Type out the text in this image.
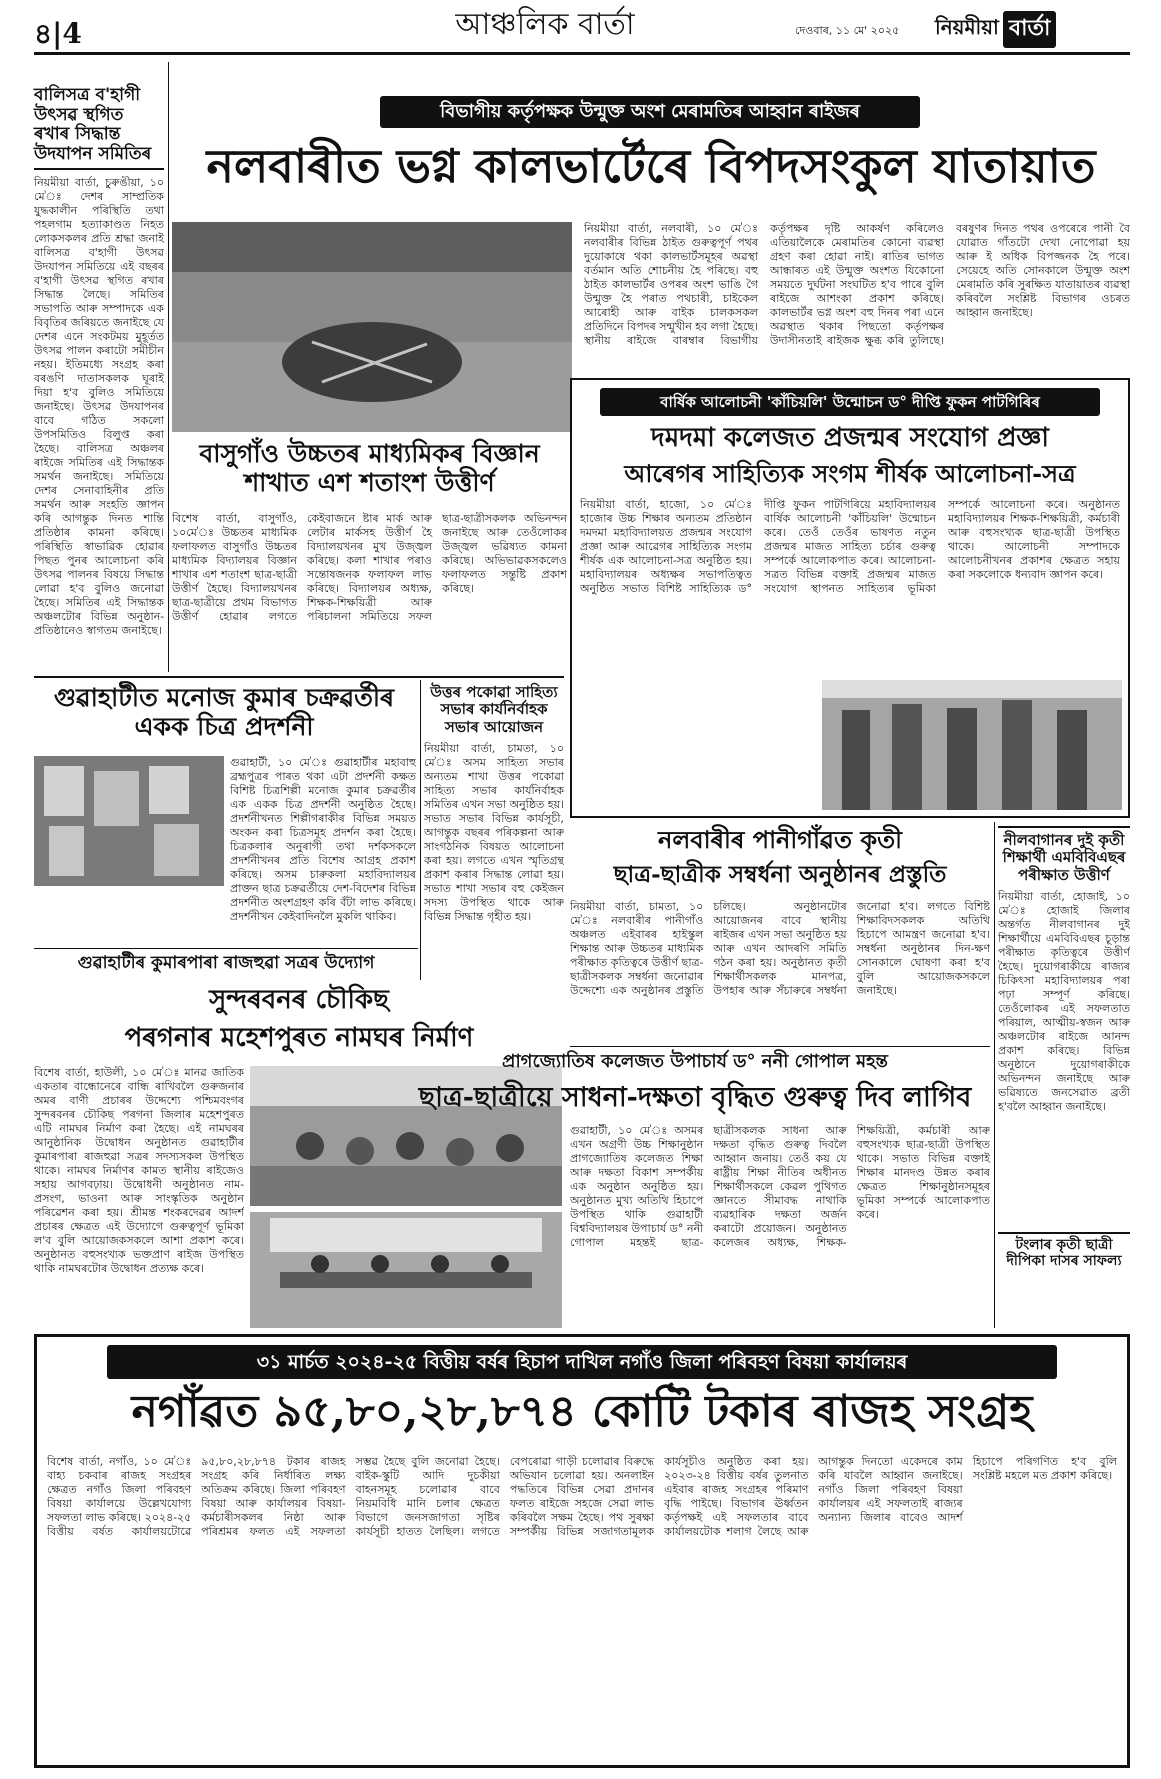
৪|4	আঞ্চলিক বাৰ্তা	দেওবাৰ, ১১ মে' ২০২৫	নিয়মীয়া বাৰ্তা
বালিসত্ৰ ব'হাগী উৎসৱ স্থগিত ৰখাৰ সিদ্ধান্ত উদযাপন সমিতিৰ
নিয়মীয়া বাৰ্তা, চুৰুঙীয়া, ১০ মে'ঃ দেশৰ সাম্প্ৰতিক যুদ্ধকালীন পৰিস্থিতি তথা পহলগাম হত্যাকাণ্ডত নিহত লোকসকলৰ প্ৰতি শ্ৰদ্ধা জনাই বালিসত্ৰ ব'হাগী উৎসৱ উদযাপন সমিতিয়ে এই বছৰৰ ব'হাগী উৎসৱ স্থগিত ৰখাৰ সিদ্ধান্ত লৈছে। সমিতিৰ সভাপতি আৰু সম্পাদকে এক বিবৃতিৰ জৰিয়তে জনাইছে যে দেশৰ এনে সংকটময় মুহূৰ্তত উৎসৱ পালন কৰাটো সমীচীন নহয়। ইতিমধ্যে সংগ্ৰহ কৰা বৰঙণি দাতাসকলক ঘূৰাই দিয়া হ'ব বুলিও সমিতিয়ে জনাইছে। উৎসৱ উদযাপনৰ বাবে গঠিত সকলো উপসমিতিও বিলুপ্ত কৰা হৈছে। বালিসত্ৰ অঞ্চলৰ ৰাইজে সমিতিৰ এই সিদ্ধান্তক সমৰ্থন জনাইছে। সমিতিয়ে দেশৰ সেনাবাহিনীৰ প্ৰতি সমৰ্থন আৰু সংহতি জ্ঞাপন কৰি আগন্তুক দিনত শান্তি প্ৰতিষ্ঠাৰ কামনা কৰিছে। পৰিস্থিতি স্বাভাৱিক হোৱাৰ পিছত পুনৰ আলোচনা কৰি উৎসৱ পালনৰ বিষয়ে সিদ্ধান্ত লোৱা হ'ব বুলিও জনোৱা হৈছে। সমিতিৰ এই সিদ্ধান্তক অঞ্চলটোৰ বিভিন্ন অনুষ্ঠান-প্ৰতিষ্ঠানেও স্বাগতম জনাইছে।
বিভাগীয় কৰ্তৃপক্ষক উন্মুক্ত অংশ মেৰামতিৰ আহ্বান ৰাইজৰ
নলবাৰীত ভগ্ন কালভাৰ্টেৰে বিপদসংকুল যাতায়াত
নিয়মীয়া বাৰ্তা, নলবাৰী, ১০ মে'ঃ নলবাৰীৰ বিভিন্ন ঠাইত গুৰুত্বপূৰ্ণ পথৰ দুয়োকাষে থকা কালভাৰ্টসমূহৰ অৱস্থা বৰ্তমান অতি শোচনীয় হৈ পৰিছে। বহু ঠাইত কালভাৰ্টৰ ওপৰৰ অংশ ভাঙি গৈ উন্মুক্ত হৈ পৰাত পথচাৰী, চাইকেল আৰোহী আৰু বাইক চালকসকল প্ৰতিদিনে বিপদৰ সন্মুখীন হব লগা হৈছে। স্থানীয় ৰাইজে বাৰম্বাৰ বিভাগীয় কৰ্তৃপক্ষৰ দৃষ্টি আকৰ্ষণ কৰিলেও এতিয়ালৈকে মেৰামতিৰ কোনো ব্যৱস্থা গ্ৰহণ কৰা হোৱা নাই। ৰাতিৰ ভাগত আন্ধাৰত এই উন্মুক্ত অংশত যিকোনো সময়তে দুৰ্ঘটনা সংঘটিত হ'ব পাৰে বুলি ৰাইজে আশংকা প্ৰকাশ কৰিছে। কালভাৰ্টৰ ভগ্ন অংশ বহু দিনৰ পৰা এনে অৱস্থাত থকাৰ পিছতো কৰ্তৃপক্ষৰ উদাসীনতাই ৰাইজক ক্ষুব্ধ কৰি তুলিছে। বৰষুণৰ দিনত পথৰ ওপৰেৰে পানী বৈ যোৱাত গাঁতটো দেখা নোপোৱা হয় আৰু ই অধিক বিপজ্জনক হৈ পৰে। সেয়েহে অতি সোনকালে উন্মুক্ত অংশ মেৰামতি কৰি সুৰক্ষিত যাতায়াতৰ ব্যৱস্থা কৰিবলৈ সংশ্লিষ্ট বিভাগৰ ওচৰত আহ্বান জনাইছে।
বাৰ্ষিক আলোচনী 'কাঁচিয়লি' উন্মোচন ড° দীপ্তি ফুকন পাটগিৰিৰ
দমদমা কলেজত প্ৰজন্মৰ সংযোগ প্ৰজ্ঞা
আৰেগৰ সাহিত্যিক সংগম শীৰ্ষক আলোচনা-সত্ৰ
নিয়মীয়া বাৰ্তা, হাজো, ১০ মে'ঃ হাজোৰ উচ্চ শিক্ষাৰ অন্যতম প্ৰতিষ্ঠান দমদমা মহাবিদ্যালয়ত প্ৰজন্মৰ সংযোগ প্ৰজ্ঞা আৰু আৱেগৰ সাহিত্যিক সংগম শীৰ্ষক এক আলোচনা-সত্ৰ অনুষ্ঠিত হয়। মহাবিদ্যালয়ৰ অধ্যক্ষৰ সভাপতিত্বত অনুষ্ঠিত সভাত বিশিষ্ট সাহিত্যিক ড° দীপ্তি ফুকন পাটগিৰিয়ে মহাবিদ্যালয়ৰ বাৰ্ষিক আলোচনী 'কাঁচিয়লি' উন্মোচন কৰে। তেওঁ তেওঁৰ ভাষণত নতুন প্ৰজন্মৰ মাজত সাহিত্য চৰ্চাৰ গুৰুত্ব সম্পৰ্কে আলোকপাত কৰে। আলোচনা-সত্ৰত বিভিন্ন বক্তাই প্ৰজন্মৰ মাজত সংযোগ স্থাপনত সাহিত্যৰ ভূমিকা সম্পৰ্কে আলোচনা কৰে। অনুষ্ঠানত মহাবিদ্যালয়ৰ শিক্ষক-শিক্ষয়িত্ৰী, কৰ্মচাৰী আৰু বহুসংখ্যক ছাত্ৰ-ছাত্ৰী উপস্থিত থাকে। আলোচনী সম্পাদকে আলোচনীখনৰ প্ৰকাশৰ ক্ষেত্ৰত সহায় কৰা সকলোকে ধন্যবাদ জ্ঞাপন কৰে।
বাসুগাঁও উচ্চতৰ মাধ্যমিকৰ বিজ্ঞান শাখাত এশ শতাংশ উত্তীৰ্ণ
বিশেষ বাৰ্তা, বাসুগাঁও, ১০মে'ঃ উচ্চতৰ মাধ্যমিক ফলাফলত বাসুগাঁও উচ্চতৰ মাধ্যমিক বিদ্যালয়ৰ বিজ্ঞান শাখাৰ এশ শতাংশ ছাত্ৰ-ছাত্ৰী উত্তীৰ্ণ হৈছে। বিদ্যালয়খনৰ ছাত্ৰ-ছাত্ৰীয়ে প্ৰথম বিভাগত উত্তীৰ্ণ হোৱাৰ লগতে কেইবাজনে ষ্টাৰ মাৰ্ক আৰু লেটাৰ মাৰ্কসহ উত্তীৰ্ণ হৈ বিদ্যালয়খনৰ মুখ উজ্জ্বল কৰিছে। কলা শাখাৰ পৰাও সন্তোষজনক ফলাফল লাভ কৰিছে। বিদ্যালয়ৰ অধ্যক্ষ, শিক্ষক-শিক্ষয়িত্ৰী আৰু পৰিচালনা সমিতিয়ে সফল ছাত্ৰ-ছাত্ৰীসকলক অভিনন্দন জনাইছে আৰু তেওঁলোকৰ উজ্জ্বল ভৱিষ্যত কামনা কৰিছে। অভিভাৱকসকলেও ফলাফলত সন্তুষ্টি প্ৰকাশ কৰিছে।
গুৱাহাটীত মনোজ কুমাৰ চক্ৰৱৰ্তীৰ একক চিত্ৰ প্ৰদৰ্শনী
গুৱাহাটী, ১০ মে'ঃ গুৱাহাটীৰ মহাবাহু ব্ৰহ্মপুত্ৰৰ পাৰত থকা এটা প্ৰদৰ্শনী কক্ষত বিশিষ্ট চিত্ৰশিল্পী মনোজ কুমাৰ চক্ৰৱৰ্তীৰ এক একক চিত্ৰ প্ৰদৰ্শনী অনুষ্ঠিত হৈছে। প্ৰদৰ্শনীখনত শিল্পীগৰাকীৰ বিভিন্ন সময়ত অংকন কৰা চিত্ৰসমূহ প্ৰদৰ্শন কৰা হৈছে। চিত্ৰকলাৰ অনুৰাগী তথা দৰ্শকসকলে প্ৰদৰ্শনীখনৰ প্ৰতি বিশেষ আগ্ৰহ প্ৰকাশ কৰিছে। অসম চাৰুকলা মহাবিদ্যালয়ৰ প্ৰাক্তন ছাত্ৰ চক্ৰৱৰ্তীয়ে দেশ-বিদেশৰ বিভিন্ন প্ৰদৰ্শনীত অংশগ্ৰহণ কৰি বঁটা লাভ কৰিছে। প্ৰদৰ্শনীখন কেইবাদিনলৈ মুকলি থাকিব।
গুৱাহাটীৰ কুমাৰপাৰা ৰাজহুৱা সত্ৰৰ উদ্যোগ
উত্তৰ পকোৱা সাহিত্য সভাৰ কাৰ্যনিৰ্বাহক সভাৰ আয়োজন
নিয়মীয়া বাৰ্তা, চামতা, ১০ মে'ঃ অসম সাহিত্য সভাৰ অন্যতম শাখা উত্তৰ পকোৱা সাহিত্য সভাৰ কাৰ্যনিৰ্বাহক সমিতিৰ এখন সভা অনুষ্ঠিত হয়। সভাত সভাৰ বিভিন্ন কাৰ্যসূচী, আগন্তুক বছৰৰ পৰিকল্পনা আৰু সাংগঠনিক বিষয়ত আলোচনা কৰা হয়। লগতে এখন স্মৃতিগ্ৰন্থ প্ৰকাশ কৰাৰ সিদ্ধান্ত লোৱা হয়। সভাত শাখা সভাৰ বহু কেইজন সদস্য উপস্থিত থাকে আৰু বিভিন্ন সিদ্ধান্ত গৃহীত হয়।
নলবাৰীৰ পানীগাঁৱত কৃতী
ছাত্ৰ-ছাত্ৰীক সম্বৰ্ধনা অনুষ্ঠানৰ প্ৰস্তুতি
নিয়মীয়া বাৰ্তা, চামতা, ১০ মে'ঃ নলবাৰীৰ পানীগাঁও অঞ্চলত এইবাৰৰ হাইস্কুল শিক্ষান্ত আৰু উচ্চতৰ মাধ্যমিক পৰীক্ষাত কৃতিত্বৰে উত্তীৰ্ণ ছাত্ৰ-ছাত্ৰীসকলক সম্বৰ্ধনা জনোৱাৰ উদ্দেশ্যে এক অনুষ্ঠানৰ প্ৰস্তুতি চলিছে। অনুষ্ঠানটোৰ আয়োজনৰ বাবে স্থানীয় ৰাইজৰ এখন সভা অনুষ্ঠিত হয় আৰু এখন আদৰণি সমিতি গঠন কৰা হয়। অনুষ্ঠানত কৃতী শিক্ষাৰ্থীসকলক মানপত্ৰ, উপহাৰ আৰু সঁচাৰুৰে সম্বৰ্ধনা জনোৱা হ'ব। লগতে বিশিষ্ট শিক্ষাবিদসকলক অতিথি হিচাপে আমন্ত্ৰণ জনোৱা হ'ব। সম্বৰ্ধনা অনুষ্ঠানৰ দিন-ক্ষণ সোনকালে ঘোষণা কৰা হ'ব বুলি আয়োজকসকলে জনাইছে।
নীলবাগানৰ দুই কৃতী শিক্ষাৰ্থী এমবিবিএছৰ পৰীক্ষাত উত্তীৰ্ণ
নিয়মীয়া বাৰ্তা, হোজাই, ১০ মে'ঃ হোজাই জিলাৰ অন্তৰ্গত নীলবাগানৰ দুই শিক্ষাৰ্থীয়ে এমবিবিএছৰ চূড়ান্ত পৰীক্ষাত কৃতিত্বৰে উত্তীৰ্ণ হৈছে। দুয়োগৰাকীয়ে ৰাজ্যৰ চিকিৎসা মহাবিদ্যালয়ৰ পৰা পঢ়া সম্পূৰ্ণ কৰিছে। তেওঁলোকৰ এই সফলতাত পৰিয়াল, আত্মীয়-স্বজন আৰু অঞ্চলটোৰ ৰাইজে আনন্দ প্ৰকাশ কৰিছে। বিভিন্ন অনুষ্ঠানে দুয়োগৰাকীকে অভিনন্দন জনাইছে আৰু ভৱিষ্যতে জনসেৱাত ব্ৰতী হ'বলৈ আহ্বান জনাইছে।
সুন্দৰবনৰ চৌকিছ
পৰগনাৰ মহেশপুৰত নামঘৰ নিৰ্মাণ
বিশেষ বাৰ্তা, হাউলী, ১০ মে'ঃ মানৱ জাতিক একতাৰ বান্ধোনেৰে বান্ধি ৰাখিবলৈ গুৰুজনাৰ অমৰ বাণী প্ৰচাৰৰ উদ্দেশ্যে পশ্চিমবংগৰ সুন্দৰবনৰ চৌকিছ পৰগনা জিলাৰ মহেশপুৰত এটি নামঘৰ নিৰ্মাণ কৰা হৈছে। এই নামঘৰৰ আনুষ্ঠানিক উদ্বোধন অনুষ্ঠানত গুৱাহাটীৰ কুমাৰপাৰা ৰাজহুৱা সত্ৰৰ সদস্যসকল উপস্থিত থাকে। নামঘৰ নিৰ্মাণৰ কামত স্থানীয় ৰাইজেও সহায় আগবঢ়ায়। উদ্বোধনী অনুষ্ঠানত নাম-প্ৰসংগ, ভাওনা আৰু সাংস্কৃতিক অনুষ্ঠান পৰিৱেশন কৰা হয়। শ্ৰীমন্ত শংকৰদেৱৰ আদৰ্শ প্ৰচাৰৰ ক্ষেত্ৰত এই উদ্যোগে গুৰুত্বপূৰ্ণ ভূমিকা ল'ব বুলি আয়োজকসকলে আশা প্ৰকাশ কৰে। অনুষ্ঠানত বহুসংখ্যক ভক্তপ্ৰাণ ৰাইজ উপস্থিত থাকি নামঘৰটোৰ উদ্বোধন প্ৰত্যক্ষ কৰে।
প্ৰাগজ্যোতিষ কলেজত উপাচাৰ্য ড° ননী গোপাল মহন্ত
ছাত্ৰ-ছাত্ৰীয়ে সাধনা-দক্ষতা বৃদ্ধিত গুৰুত্ব দিব লাগিব
গুৱাহাটী, ১০ মে'ঃ অসমৰ এখন অগ্ৰণী উচ্চ শিক্ষানুষ্ঠান প্ৰাগজ্যোতিষ কলেজত শিক্ষা আৰু দক্ষতা বিকাশ সম্পৰ্কীয় এক অনুষ্ঠান অনুষ্ঠিত হয়। অনুষ্ঠানত মুখ্য অতিথি হিচাপে উপস্থিত থাকি গুৱাহাটী বিশ্ববিদ্যালয়ৰ উপাচাৰ্য ড° ননী গোপাল মহন্তই ছাত্ৰ-ছাত্ৰীসকলক সাধনা আৰু দক্ষতা বৃদ্ধিত গুৰুত্ব দিবলৈ আহ্বান জনায়। তেওঁ কয় যে ৰাষ্ট্ৰীয় শিক্ষা নীতিৰ অধীনত শিক্ষাৰ্থীসকলে কেৱল পুথিগত জ্ঞানতে সীমাবদ্ধ নাথাকি ব্যৱহাৰিক দক্ষতা অৰ্জন কৰাটো প্ৰয়োজন। অনুষ্ঠানত কলেজৰ অধ্যক্ষ, শিক্ষক-শিক্ষয়িত্ৰী, কৰ্মচাৰী আৰু বহুসংখ্যক ছাত্ৰ-ছাত্ৰী উপস্থিত থাকে। সভাত বিভিন্ন বক্তাই শিক্ষাৰ মানদণ্ড উন্নত কৰাৰ ক্ষেত্ৰত শিক্ষানুষ্ঠানসমূহৰ ভূমিকা সম্পৰ্কে আলোকপাত কৰে।
টংলাৰ কৃতী ছাত্ৰী দীপিকা দাসৰ সাফল্য
৩১ মাৰ্চত ২০২৪-২৫ বিত্তীয় বৰ্ষৰ হিচাপ দাখিল নগাঁও জিলা পৰিবহণ বিষয়া কাৰ্যালয়ৰ
নগাঁৱত ৯৫,৮০,২৮,৮৭৪ কোটি টকাৰ ৰাজহ সংগ্ৰহ
বিশেষ বাৰ্তা, নগাঁও, ১০ মে'ঃ বাহ্য চকবাৰ ৰাজহ সংগ্ৰহৰ ক্ষেত্ৰত নগাঁও জিলা পৰিবহণ বিষয়া কাৰ্যালয়ে উল্লেখযোগ্য সফলতা লাভ কৰিছে। ২০২৪-২৫ বিত্তীয় বৰ্ষত কাৰ্যালয়টোৱে ৯৫,৮০,২৮,৮৭৪ টকাৰ ৰাজহ সংগ্ৰহ কৰি নিৰ্ধাৰিত লক্ষ্য অতিক্ৰম কৰিছে। জিলা পৰিবহণ বিষয়া আৰু কাৰ্যালয়ৰ বিষয়া-কৰ্মচাৰীসকলৰ নিষ্ঠা আৰু পৰিশ্ৰমৰ ফলত এই সফলতা সম্ভৱ হৈছে বুলি জনোৱা হৈছে। বাইক-স্কুটি আদি দুচকীয়া বাহনসমূহ চলোৱাৰ বাবে নিয়মবিধি মানি চলাৰ ক্ষেত্ৰত বিভাগে জনসজাগতা সৃষ্টিৰ কাৰ্যসূচী হাতত লৈছিল। লগতে বেপৰোৱা গাড়ী চলোৱাৰ বিৰুদ্ধে অভিযান চলোৱা হয়। অনলাইন পদ্ধতিৰে বিভিন্ন সেৱা প্ৰদানৰ ফলত ৰাইজে সহজে সেৱা লাভ কৰিবলৈ সক্ষম হৈছে। পথ সুৰক্ষা সম্পৰ্কীয় বিভিন্ন সজাগতামূলক কাৰ্যসূচীও অনুষ্ঠিত কৰা হয়। ২০২৩-২৪ বিত্তীয় বৰ্ষৰ তুলনাত এইবাৰ ৰাজহ সংগ্ৰহৰ পৰিমাণ বৃদ্ধি পাইছে। বিভাগৰ ঊৰ্ধ্বতন কৰ্তৃপক্ষই এই সফলতাৰ বাবে কাৰ্যালয়টোক শলাগ লৈছে আৰু আগন্তুক দিনতো একেদৰে কাম কৰি যাবলৈ আহ্বান জনাইছে। নগাঁও জিলা পৰিবহণ বিষয়া কাৰ্যালয়ৰ এই সফলতাই ৰাজ্যৰ অন্যান্য জিলাৰ বাবেও আদৰ্শ হিচাপে পৰিগণিত হ'ব বুলি সংশ্লিষ্ট মহলে মত প্ৰকাশ কৰিছে।
